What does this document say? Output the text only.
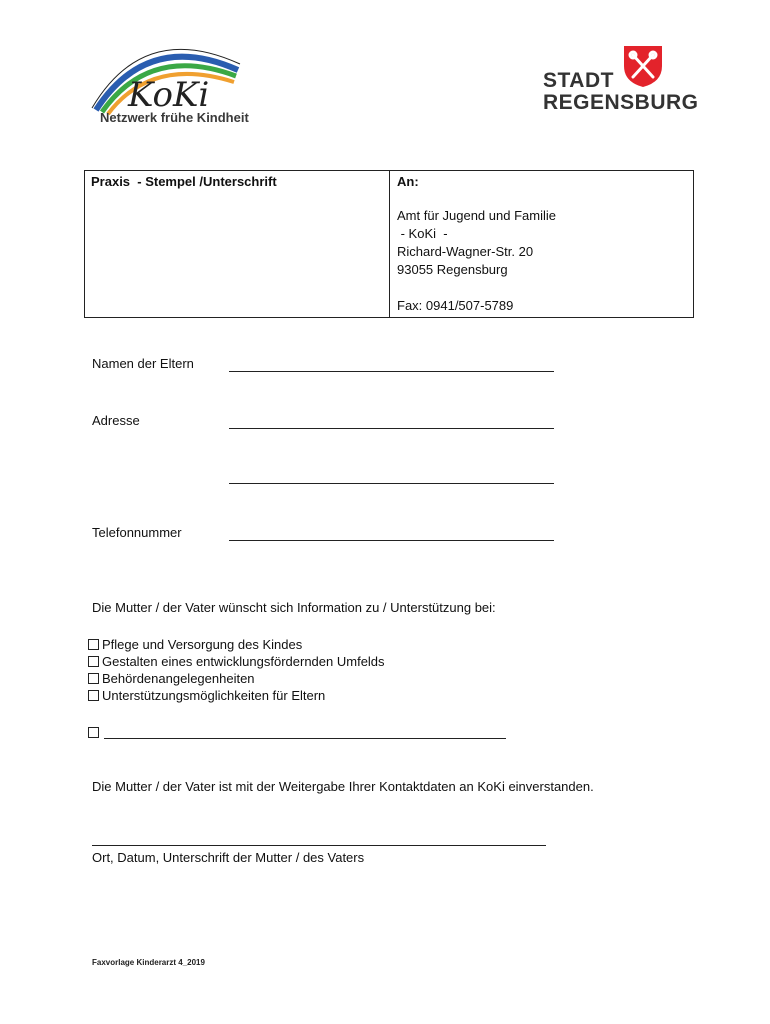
KoKi
Netzwerk frühe Kindheit
STADT
REGENSBURG
Praxis  - Stempel /Unterschrift	An:
Amt für Jugend und Familie
- KoKi  -
Richard-Wagner-Str. 20
93055 Regensburg
Fax: 0941/507-5789
Namen der Eltern
Adresse
Telefonnummer
Die Mutter / der Vater wünscht sich Information zu / Unterstützung bei:
Pflege und Versorgung des Kindes
Gestalten eines entwicklungsfördernden Umfelds
Behördenangelegenheiten
Unterstützungsmöglichkeiten für Eltern
Die Mutter / der Vater ist mit der Weitergabe Ihrer Kontaktdaten an KoKi einverstanden.
Ort, Datum, Unterschrift der Mutter / des Vaters
Faxvorlage Kinderarzt 4_2019
